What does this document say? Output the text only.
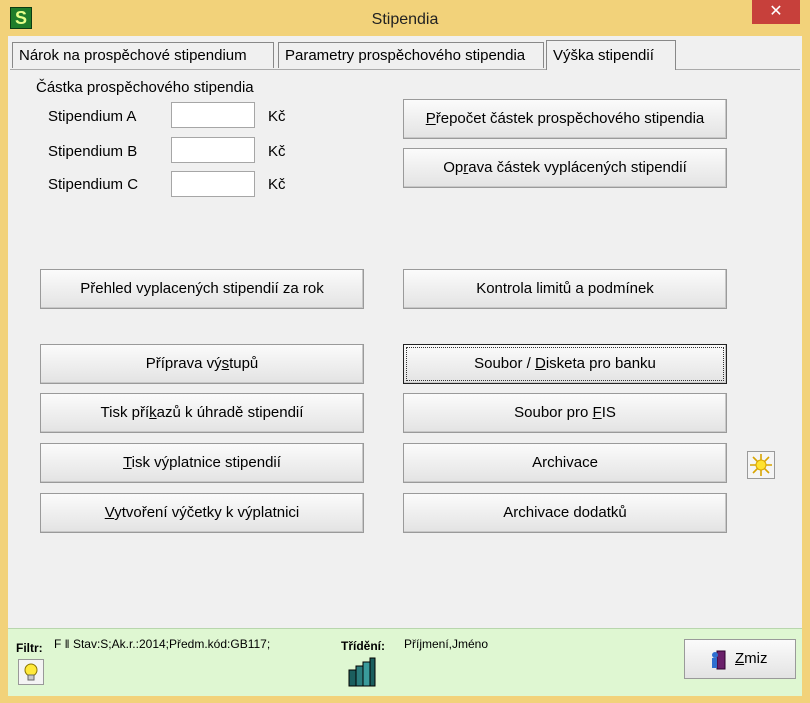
S	Stipendia	✕
Nárok na prospěchové stipendium	Parametry prospěchového stipendia	Výška stipendií
Částka prospěchového stipendia
Stipendium A	Kč
Stipendium B	Kč
Stipendium C	Kč
Přepočet částek prospěchového stipendia
Oprava částek vyplácených stipendií
Přehled vyplacených stipendií za rok	Kontrola limitů a podmínek
Příprava výstupů	Soubor / Disketa pro banku
Tisk příkazů k úhradě stipendií	Soubor pro FIS
Tisk výplatnice stipendií	Archivace
Vytvoření výčetky k výplatnici	Archivace dodatků
Filtr: F ‖ Stav:S;Ak.r.:2014;Předm.kód:GB117;	Třídění: Příjmení,Jméno
Zmiz
